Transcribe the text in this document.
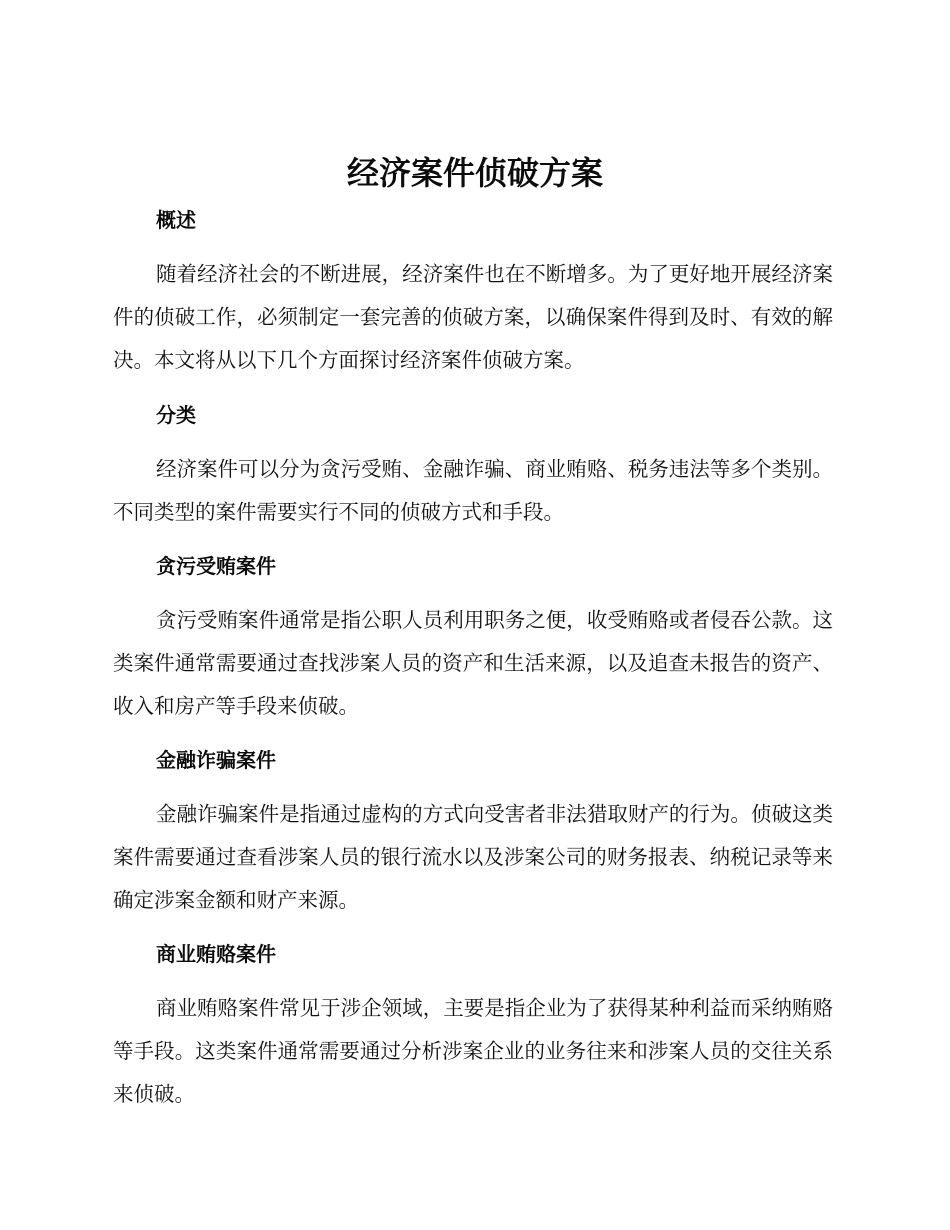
经济案件侦破方案
概述

随着经济社会的不断进展，经济案件也在不断增多。为了更好地开展经济案件的侦破工作，必须制定一套完善的侦破方案，以确保案件得到及时、有效的解决。本文将从以下几个方面探讨经济案件侦破方案。

分类

经济案件可以分为贪污受贿、金融诈骗、商业贿赂、税务违法等多个类别。不同类型的案件需要实行不同的侦破方式和手段。

贪污受贿案件

贪污受贿案件通常是指公职人员利用职务之便，收受贿赂或者侵吞公款。这类案件通常需要通过查找涉案人员的资产和生活来源，以及追查未报告的资产、收入和房产等手段来侦破。

金融诈骗案件

金融诈骗案件是指通过虚构的方式向受害者非法猎取财产的行为。侦破这类案件需要通过查看涉案人员的银行流水以及涉案公司的财务报表、纳税记录等来确定涉案金额和财产来源。

商业贿赂案件

商业贿赂案件常见于涉企领域，主要是指企业为了获得某种利益而采纳贿赂等手段。这类案件通常需要通过分析涉案企业的业务往来和涉案人员的交往关系来侦破。
